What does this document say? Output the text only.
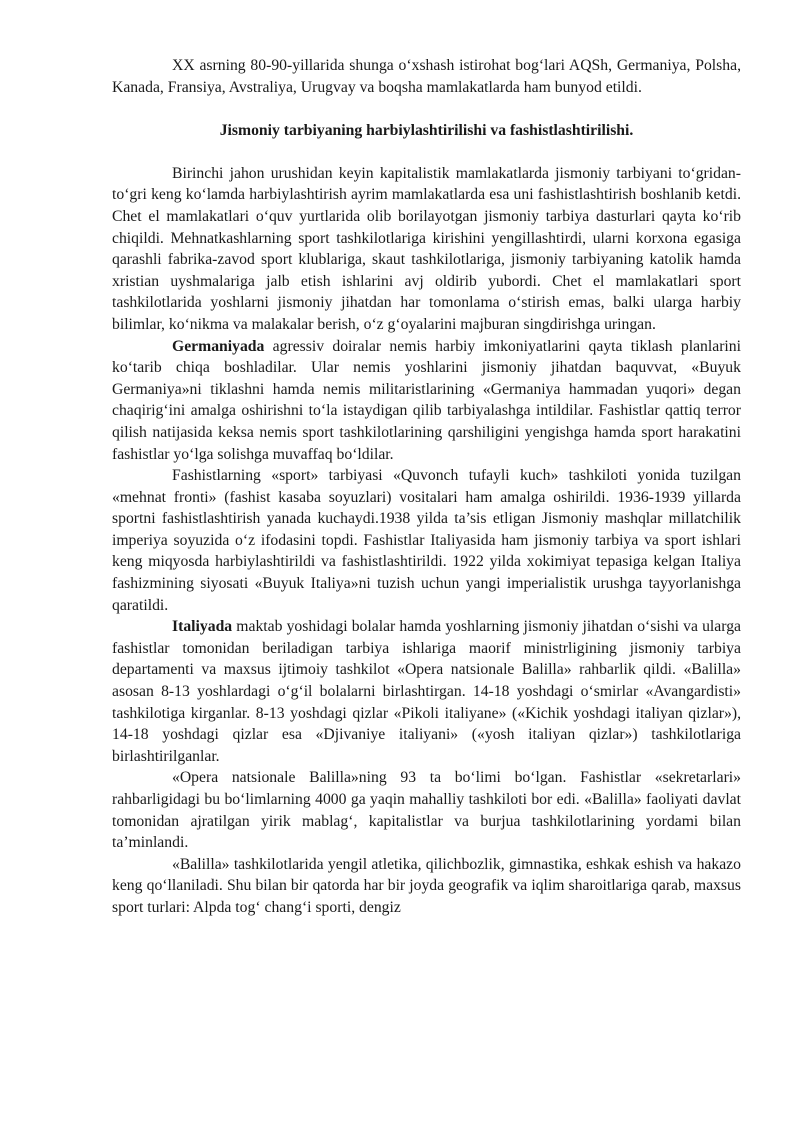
XX asrning 80-90-yillarida shunga o‘xshash istirohat bog‘lari AQSh, Germaniya, Polsha, Kanada, Fransiya, Avstraliya, Urugvay va boqsha mamlakatlarda ham bunyod etildi.

Jismoniy tarbiyaning harbiylashtirilishi va fashistlashtirilishi.

Birinchi jahon urushidan keyin kapitalistik mamlakatlarda jismoniy tarbiyani to‘gridan-to‘gri keng ko‘lamda harbiylashtirish ayrim mamlakatlarda esa uni fashistlashtirish boshlanib ketdi. Chet el mamlakatlari o‘quv yurtlarida olib borilayotgan jismoniy tarbiya dasturlari qayta ko‘rib chiqildi. Mehnatkashlarning sport tashkilotlariga kirishini yengillashtirdi, ularni korxona egasiga qarashli fabrika-zavod sport klublariga, skaut tashkilotlariga, jismoniy tarbiyaning katolik hamda xristian uyshmalariga jalb etish ishlarini avj oldirib yubordi. Chet el mamlakatlari sport tashkilotlarida yoshlarni jismoniy jihatdan har tomonlama o‘stirish emas, balki ularga harbiy bilimlar, ko‘nikma va malakalar berish, o‘z g‘oyalarini majburan singdirishga uringan.

Germaniyada agressiv doiralar nemis harbiy imkoniyatlarini qayta tiklash planlarini ko‘tarib chiqa boshladilar. Ular nemis yoshlarini jismoniy jihatdan baquvvat, «Buyuk Germaniya»ni tiklashni hamda nemis militaristlarining «Germaniya hammadan yuqori» degan chaqirig‘ini amalga oshirishni to‘la istaydigan qilib tarbiyalashga intildilar. Fashistlar qattiq terror qilish natijasida keksa nemis sport tashkilotlarining qarshiligini yengishga hamda sport harakatini fashistlar yo‘lga solishga muvaffaq bo‘ldilar.

Fashistlarning «sport» tarbiyasi «Quvonch tufayli kuch» tashkiloti yonida tuzilgan «mehnat fronti» (fashist kasaba soyuzlari) vositalari ham amalga oshirildi. 1936-1939 yillarda sportni fashistlashtirish yanada kuchaydi.1938 yilda ta’sis etligan Jismoniy mashqlar millatchilik imperiya soyuzida o‘z ifodasini topdi. Fashistlar Italiyasida ham jismoniy tarbiya va sport ishlari keng miqyosda harbiylashtirildi va fashistlashtirildi. 1922 yilda xokimiyat tepasiga kelgan Italiya fashizmining siyosati «Buyuk Italiya»ni tuzish uchun yangi imperialistik urushga tayyorlanishga qaratildi.

Italiyada maktab yoshidagi bolalar hamda yoshlarning jismoniy jihatdan o‘sishi va ularga fashistlar tomonidan beriladigan tarbiya ishlariga maorif ministrligining jismoniy tarbiya departamenti va maxsus ijtimoiy tashkilot «Opera natsionale Balilla» rahbarlik qildi. «Balilla» asosan 8-13 yoshlardagi o‘g‘il bolalarni birlashtirgan. 14-18 yoshdagi o‘smirlar «Avangardisti» tashkilotiga kirganlar. 8-13 yoshdagi qizlar «Pikoli italiyane» («Kichik yoshdagi italiyan qizlar»), 14-18 yoshdagi qizlar esa «Djivaniye italiyani» («yosh italiyan qizlar») tashkilotlariga birlashtirilganlar.

«Opera natsionale Balilla»ning 93 ta bo‘limi bo‘lgan. Fashistlar «sekretarlari» rahbarligidagi bu bo‘limlarning 4000 ga yaqin mahalliy tashkiloti bor edi. «Balilla» faoliyati davlat tomonidan ajratilgan yirik mablag‘, kapitalistlar va burjua tashkilotlarining yordami bilan ta’minlandi.

«Balilla» tashkilotlarida yengil atletika, qilichbozlik, gimnastika, eshkak eshish va hakazo keng qo‘llaniladi. Shu bilan bir qatorda har bir joyda geografik va iqlim sharoitlariga qarab, maxsus sport turlari: Alpda tog‘ chang‘i sporti, dengiz
